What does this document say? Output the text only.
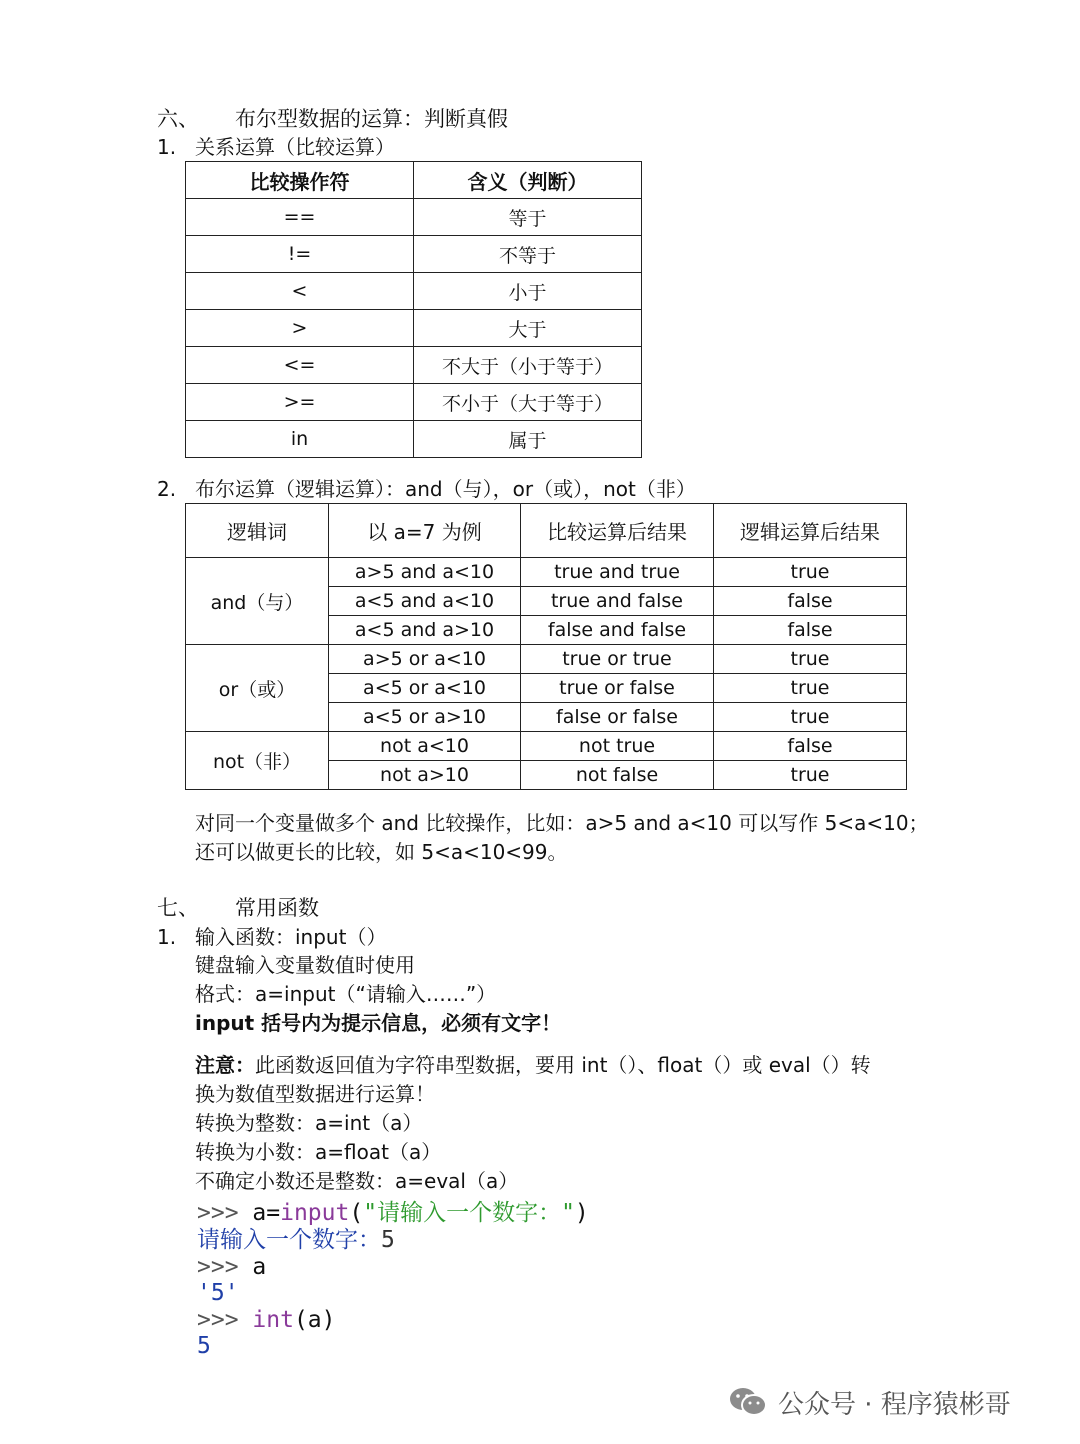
六、 布尔型数据的运算：判断真假
1. 关系运算（比较运算）
比较操作符	含义（判断）
==	等于
!=	不等于
<	小于
>	大于
<=	不大于（小于等于）
>=	不小于（大于等于）
in	属于
2. 布尔运算（逻辑运算）：and（与），or（或），not（非）
逻辑词	以 a=7 为例	比较运算后结果	逻辑运算后结果
and（与）	a>5 and a<10	true and true	true
	a<5 and a<10	true and false	false
	a<5 and a>10	false and false	false
or（或）	a>5 or a<10	true or true	true
	a<5 or a<10	true or false	true
	a<5 or a>10	false or false	true
not（非）	not a<10	not true	false
	not a>10	not false	true
对同一个变量做多个 and 比较操作，比如：a>5 and a<10 可以写作 5<a<10；
还可以做更长的比较，如 5<a<10<99。
七、 常用函数
1. 输入函数：input（）
键盘输入变量数值时使用
格式：a=input（“请输入……”）
input 括号内为提示信息，必须有文字！
注意：此函数返回值为字符串型数据，要用 int（）、float（）或 eval（）转
换为数值型数据进行运算！
转换为整数：a=int（a）
转换为小数：a=float（a）
不确定小数还是整数：a=eval（a）
>>> a=input("请输入一个数字：")
请输入一个数字：5
>>> a
'5'
>>> int(a)
5
公众号 · 程序猿彬哥
